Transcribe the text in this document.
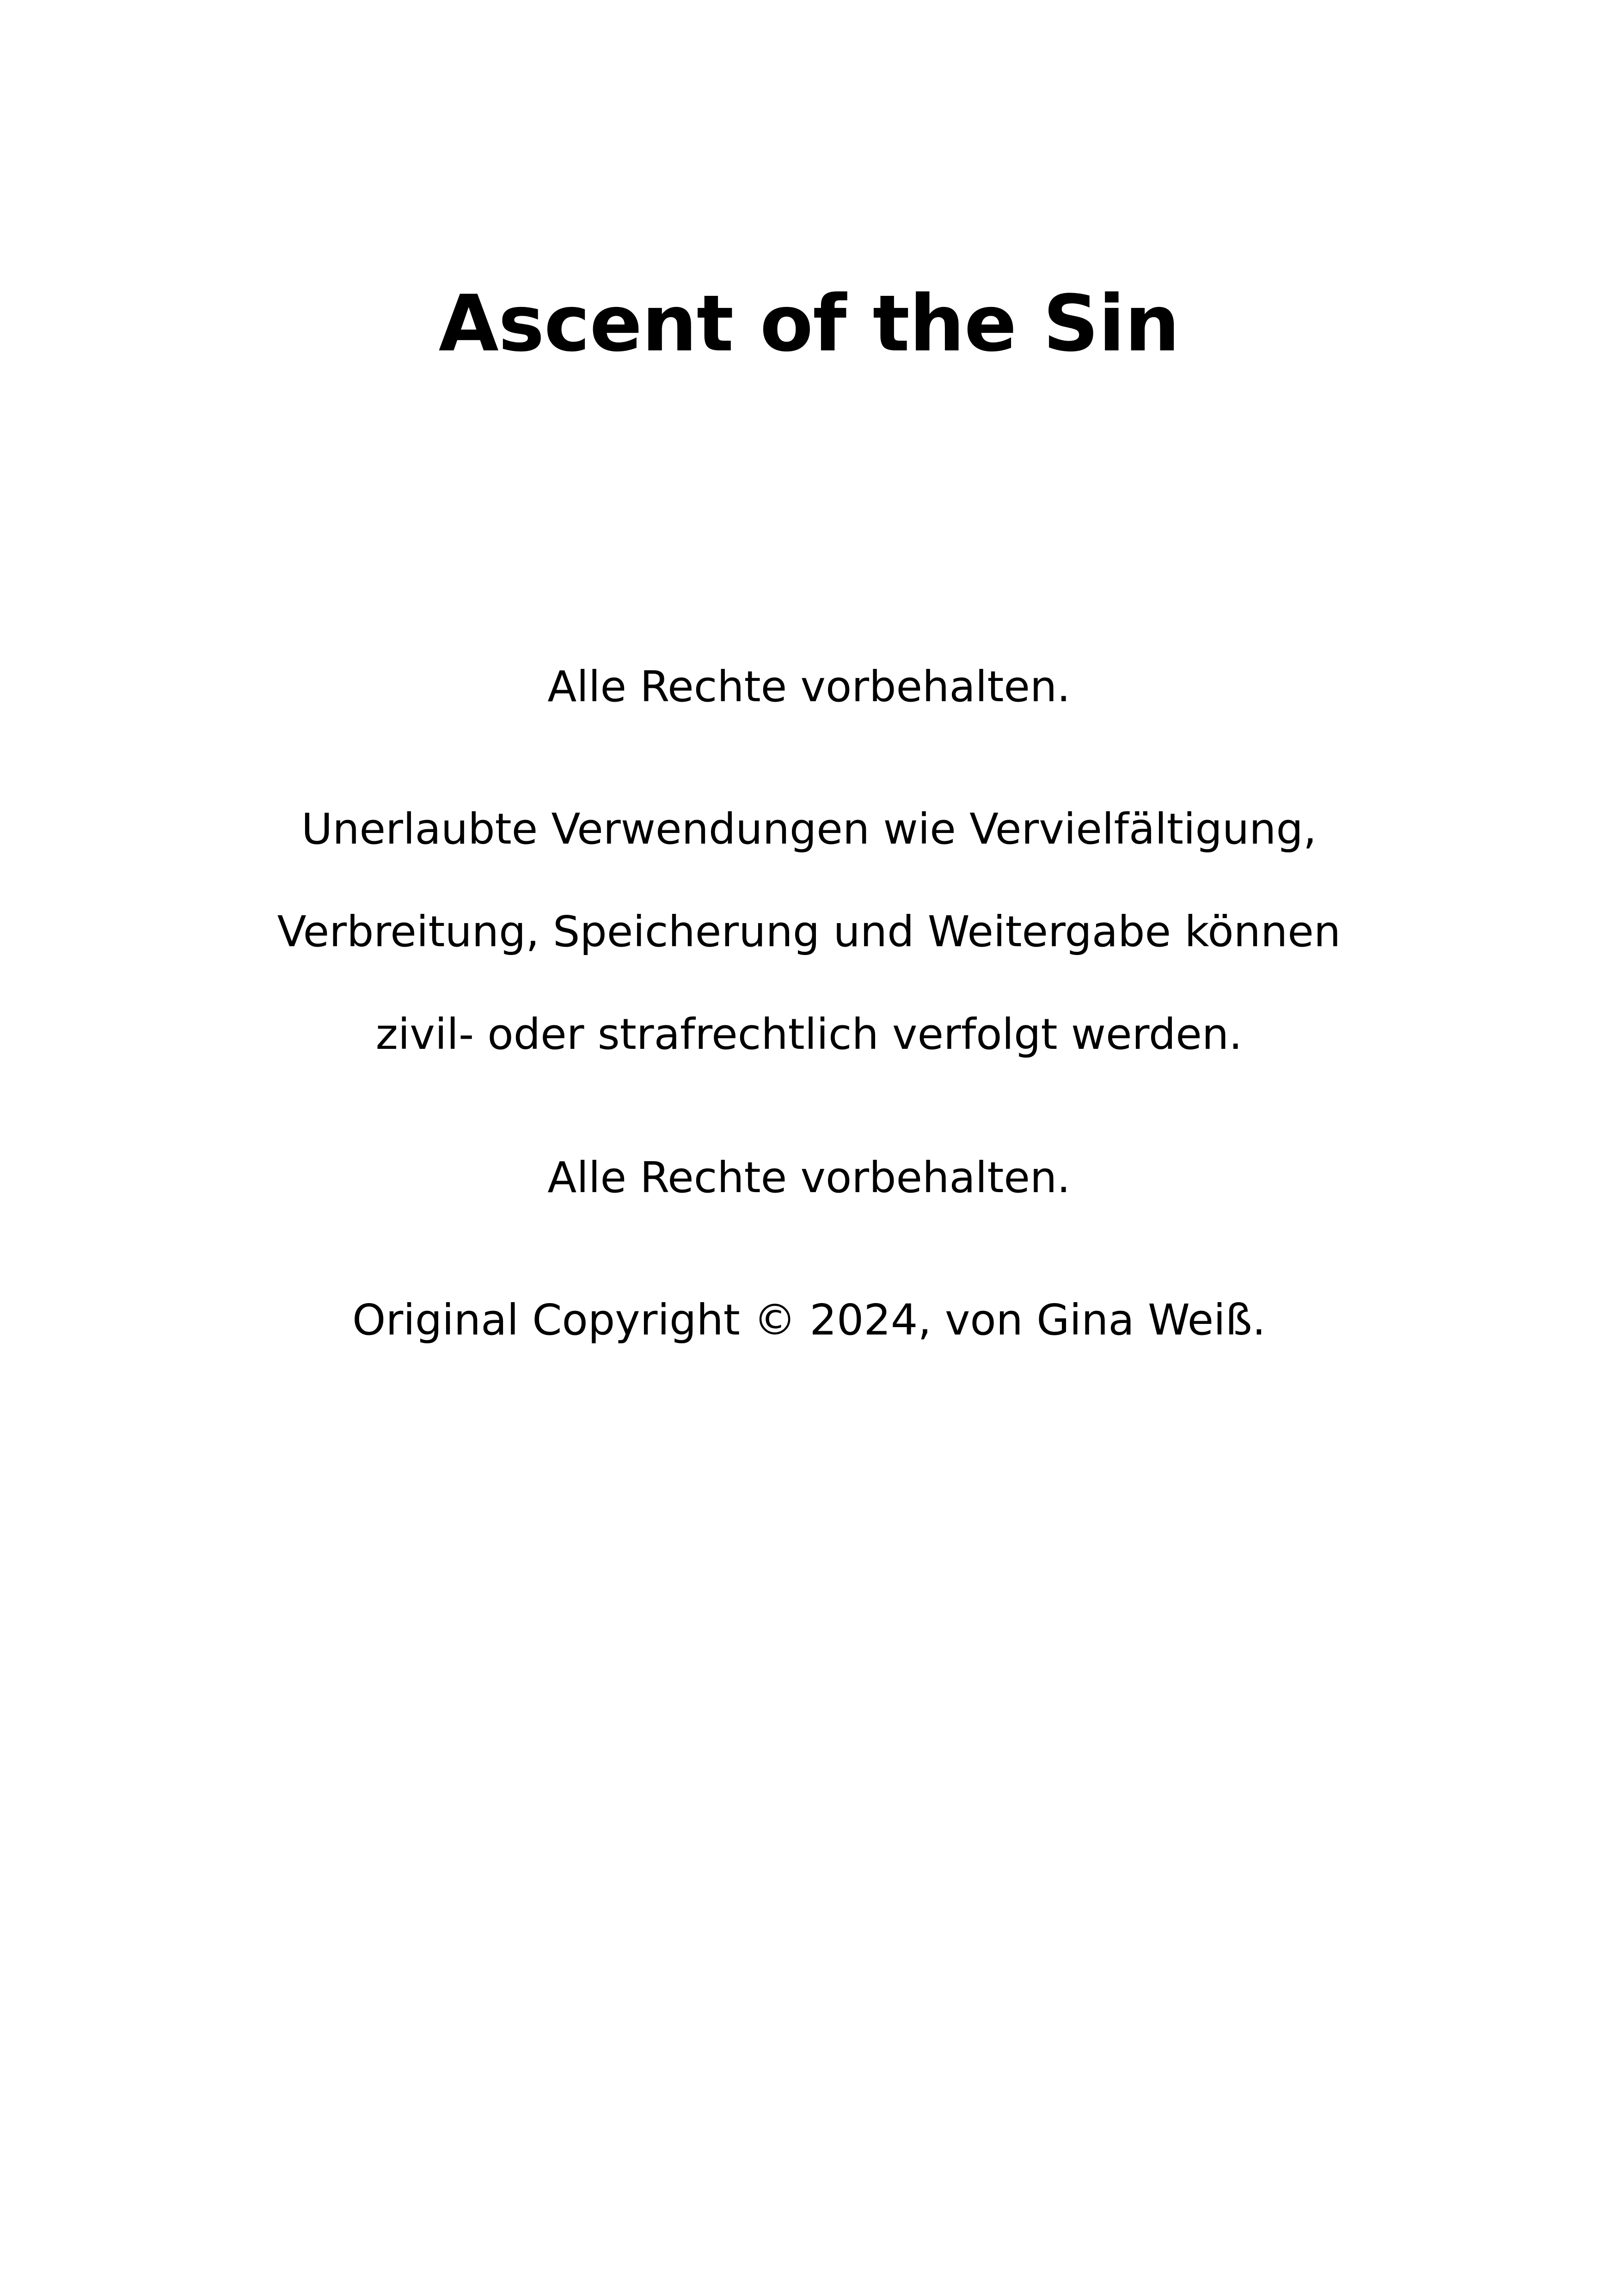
Ascent of the Sin
Alle Rechte vorbehalten.
Unerlaubte Verwendungen wie Vervielfältigung,
Verbreitung, Speicherung und Weitergabe können
zivil- oder strafrechtlich verfolgt werden.
Alle Rechte vorbehalten.
Original Copyright © 2024, von Gina Weiß.
